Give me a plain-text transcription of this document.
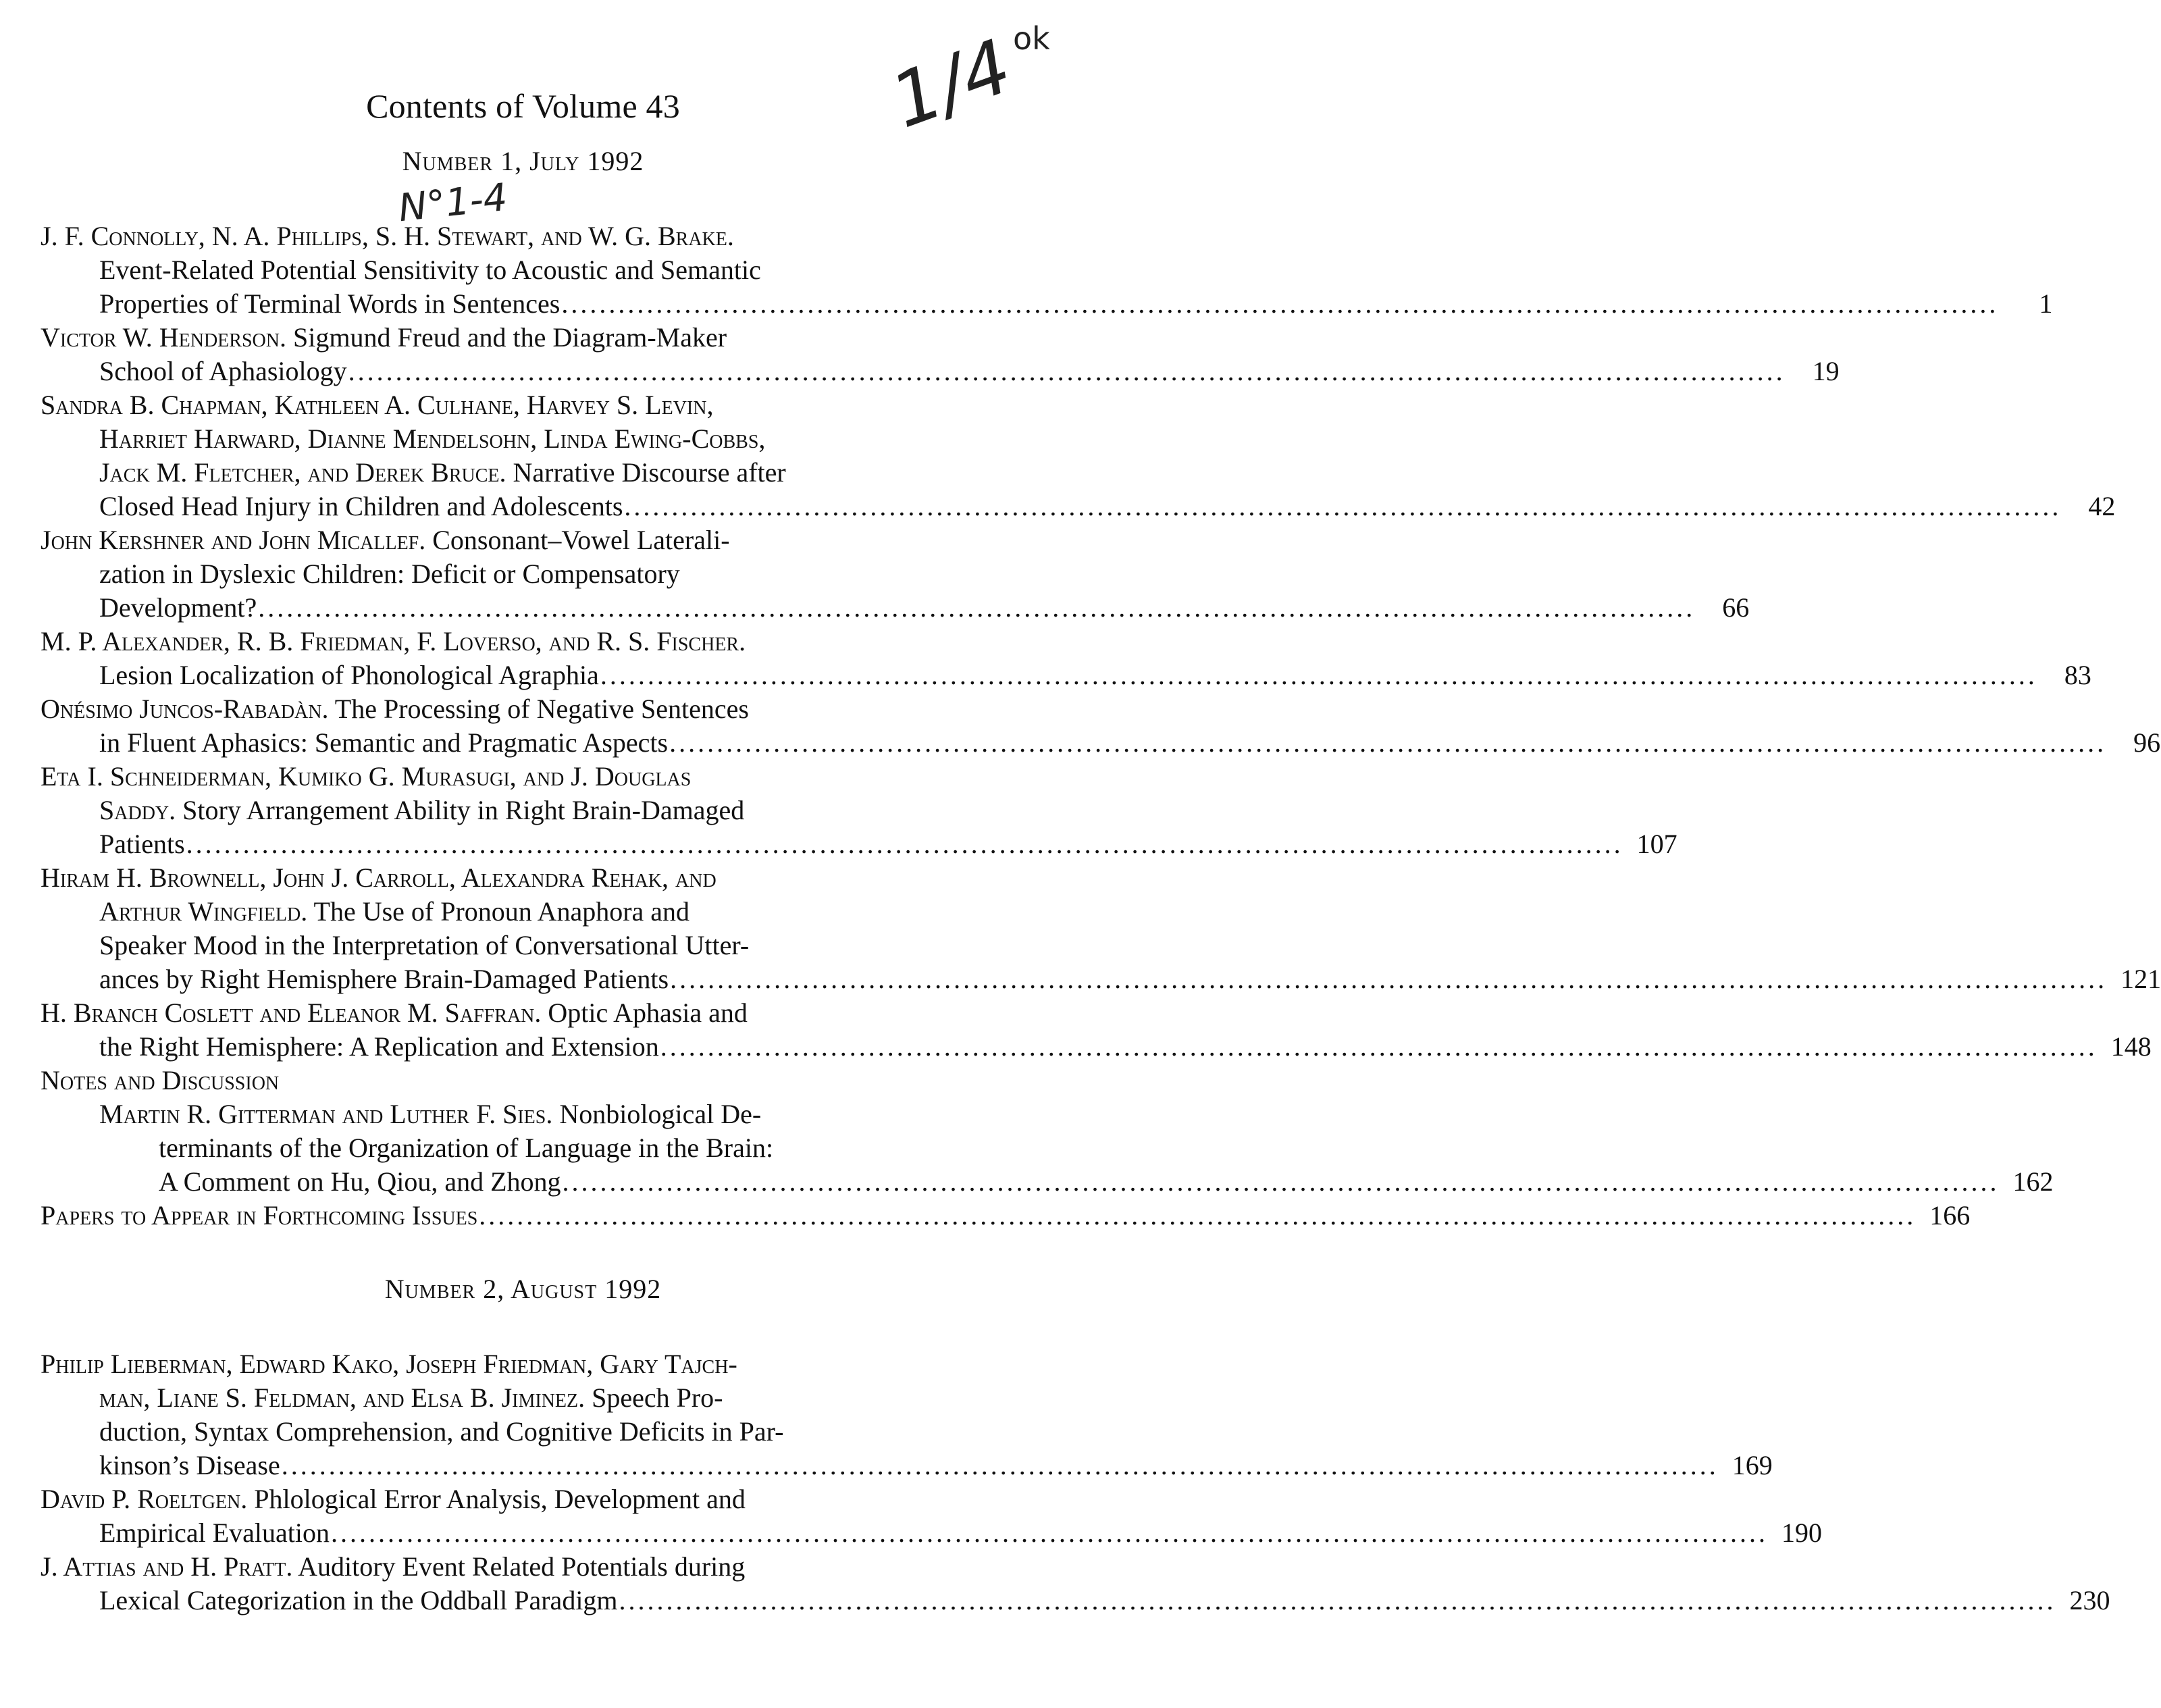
1/4
ok
N°1-4
Contents of Volume 43
Number 1, July 1992
J. F. Connolly, N. A. Phillips, S. H. Stewart, and W. G. Brake.
Event-Related Potential Sensitivity to Acoustic and Semantic
Properties of Terminal Words in Sentences .....	1
Victor W. Henderson. Sigmund Freud and the Diagram-Maker
School of Aphasiology .....	19
Sandra B. Chapman, Kathleen A. Culhane, Harvey S. Levin,
Harriet Harward, Dianne Mendelsohn, Linda Ewing-Cobbs,
Jack M. Fletcher, and Derek Bruce. Narrative Discourse after
Closed Head Injury in Children and Adolescents .....	42
John Kershner and John Micallef. Consonant–Vowel Laterali-
zation in Dyslexic Children: Deficit or Compensatory
Development? .....	66
M. P. Alexander, R. B. Friedman, F. Loverso, and R. S. Fischer.
Lesion Localization of Phonological Agraphia .....	83
Onésimo Juncos-Rabadàn. The Processing of Negative Sentences
in Fluent Aphasics: Semantic and Pragmatic Aspects .....	96
Eta I. Schneiderman, Kumiko G. Murasugi, and J. Douglas
Saddy. Story Arrangement Ability in Right Brain-Damaged
Patients .....	107
Hiram H. Brownell, John J. Carroll, Alexandra Rehak, and
Arthur Wingfield. The Use of Pronoun Anaphora and
Speaker Mood in the Interpretation of Conversational Utter-
ances by Right Hemisphere Brain-Damaged Patients .....	121
H. Branch Coslett and Eleanor M. Saffran. Optic Aphasia and
the Right Hemisphere: A Replication and Extension .....	148
Notes and Discussion
Martin R. Gitterman and Luther F. Sies. Nonbiological De-
terminants of the Organization of Language in the Brain:
A Comment on Hu, Qiou, and Zhong .....	162
Papers to Appear in Forthcoming Issues .....	166
Number 2, August 1992
Philip Lieberman, Edward Kako, Joseph Friedman, Gary Tajch-
man, Liane S. Feldman, and Elsa B. Jiminez. Speech Pro-
duction, Syntax Comprehension, and Cognitive Deficits in Par-
kinson’s Disease .....	169
David P. Roeltgen. Phlological Error Analysis, Development and
Empirical Evaluation .....	190
J. Attias and H. Pratt. Auditory Event Related Potentials during
Lexical Categorization in the Oddball Paradigm .....	230
